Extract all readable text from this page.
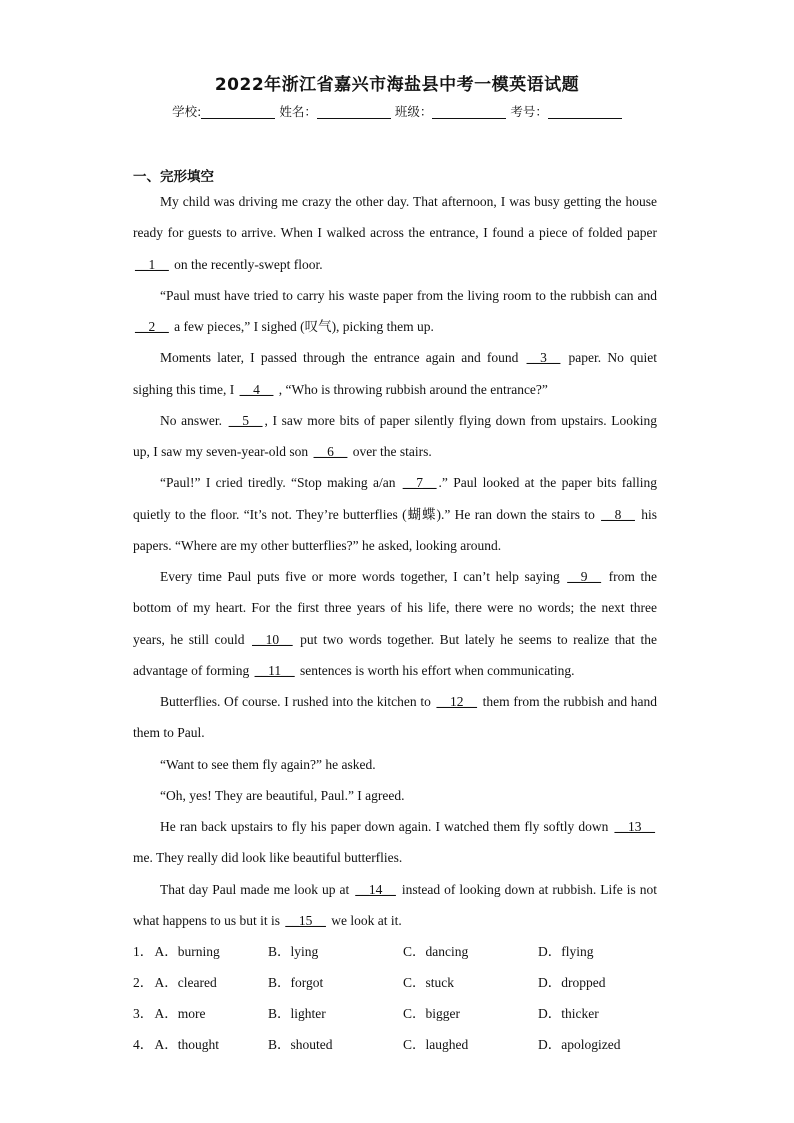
2022年浙江省嘉兴市海盐县中考一模英语试题
学校:	姓名：	班级：	考号：
一、完形填空

My child was driving me crazy the other day. That afternoon, I was busy getting the house ready for guests to arrive. When I walked across the entrance, I found a piece of folded paper __1__ on the recently-swept floor.

“Paul must have tried to carry his waste paper from the living room to the rubbish can and __2__ a few pieces,” I sighed (叹气), picking them up.

Moments later, I passed through the entrance again and found __3__ paper. No quiet sighing this time, I __4__ , “Who is throwing rubbish around the entrance?”

No answer. __5__ , I saw more bits of paper silently flying down from upstairs. Looking up, I saw my seven-year-old son __6__ over the stairs.

“Paul!” I cried tiredly. “Stop making a/an __7__ .” Paul looked at the paper bits falling quietly to the floor. “It’s not. They’re butterflies (蝴蝶).” He ran down the stairs to __8__ his papers. “Where are my other butterflies?” he asked, looking around.

Every time Paul puts five or more words together, I can’t help saying __9__ from the bottom of my heart. For the first three years of his life, there were no words; the next three years, he still could __10__ put two words together. But lately he seems to realize that the advantage of forming __11__ sentences is worth his effort when communicating.

Butterflies. Of course. I rushed into the kitchen to __12__ them from the rubbish and hand them to Paul.

“Want to see them fly again?” he asked.

“Oh, yes! They are beautiful, Paul.” I agreed.

He ran back upstairs to fly his paper down again. I watched them fly softly down __13__ me. They really did look like beautiful butterflies.

That day Paul made me look up at __14__ instead of looking down at rubbish. Life is not what happens to us but it is __15__ we look at it.

1． A．burning	B．lying	C．dancing	D．flying
2． A．cleared	B．forgot	C．stuck	D．dropped
3． A．more	B．lighter	C．bigger	D．thicker
4． A．thought	B．shouted	C．laughed	D．apologized
